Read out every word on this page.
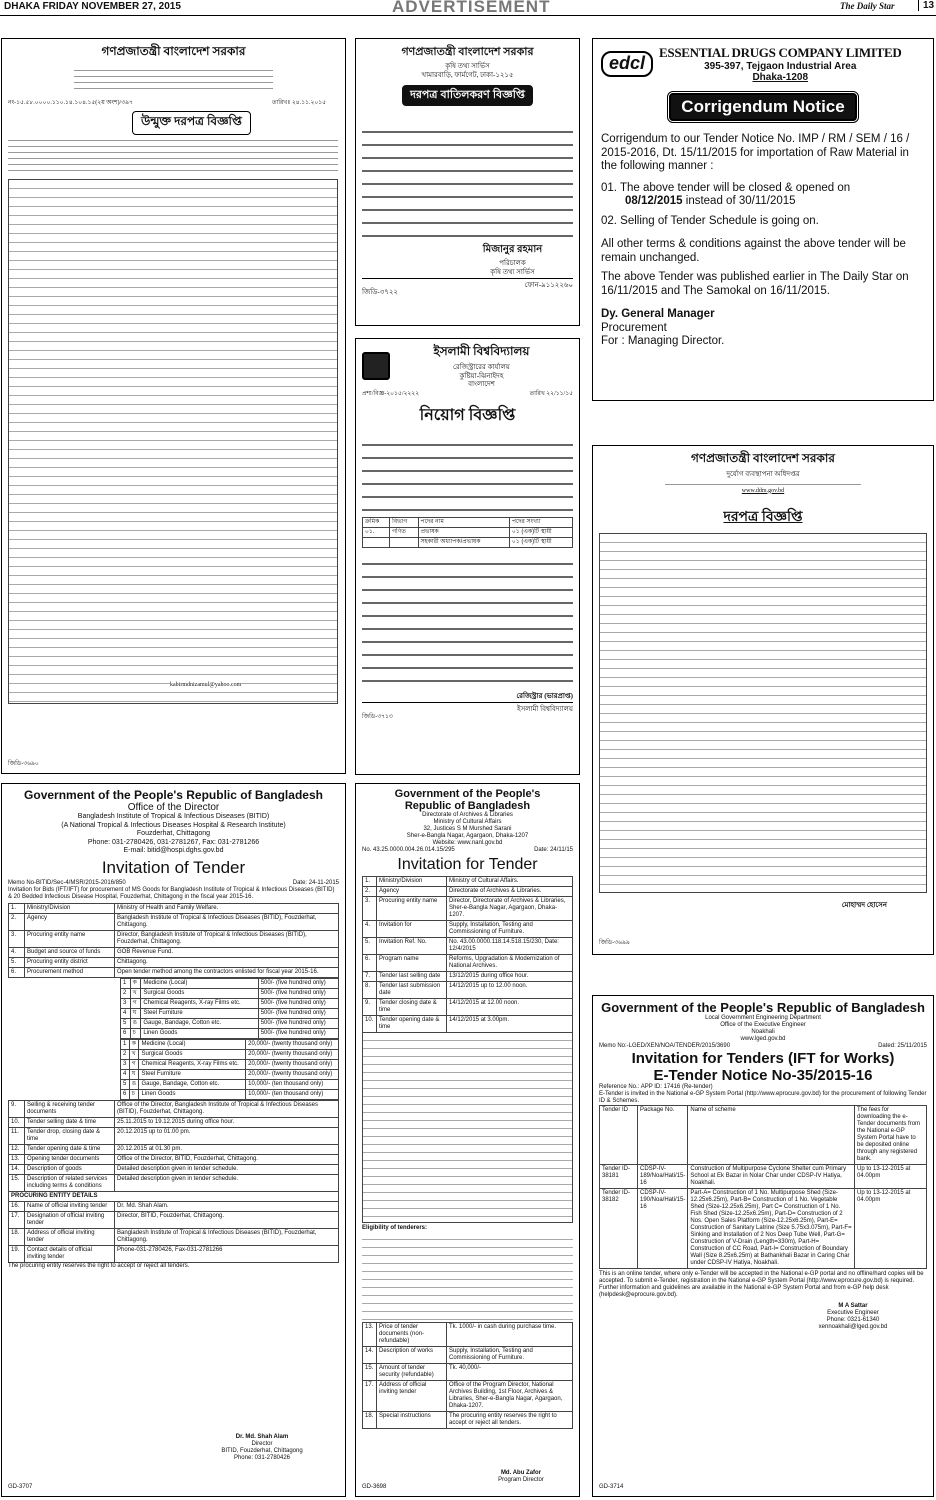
DHAKA FRIDAY NOVEMBER 27, 2015	ADVERTISEMENT	The Daily Star	13
গণপ্রজাতন্ত্রী বাংলাদেশ সরকার
নং-১৫.৫৮.০০০০.১১০.১৪.১০৪.১৫(২য় অংশ)/৩৯৭	তারিখঃ ২৪.১১.২০১৫
উন্মুক্ত দরপত্র বিজ্ঞপ্তি
kabirmdnizamul@yahoo.com
জিডি-৩৬৯০
গণপ্রজাতন্ত্রী বাংলাদেশ সরকার
কৃষি তথ্য সার্ভিস
খামারবাড়ি, ফার্মগেট, ঢাকা-১২১৫
দরপত্র বাতিলকরণ বিজ্ঞপ্তি
মিজানুর রহমান
পরিচালক
কৃষি তথ্য সার্ভিস
জিডি-৩৭২২
ফোন-৯১১২২৬০
edcl
ESSENTIAL DRUGS COMPANY LIMITED
395-397, Tejgaon Industrial Area
Dhaka-1208
Corrigendum Notice
Corrigendum to our Tender Notice No. IMP / RM / SEM / 16 / 2015-2016, Dt. 15/11/2015 for importation of Raw Material in the following manner :
01. The above tender will be closed & opened on
08/12/2015 instead of 30/11/2015
02. Selling of Tender Schedule is going on.
All other terms & conditions against the above tender will be remain unchanged.
The above Tender was published earlier in The Daily Star on 16/11/2015 and The Samokal on 16/11/2015.
Dy. General Manager
Procurement
For : Managing Director.
ইসলামী বিশ্ববিদ্যালয়
রেজিস্ট্রারের কার্যালয়
কুষ্টিয়া-ঝিনাইদহ
বাংলাদেশ
প্রশা/বিজ্ঞ-২০১৫/২২২২	তারিখ ২২/১১/১৫
নিয়োগ বিজ্ঞপ্তি
ক্রমিক	বিভাগ	পদের নাম	পদের সংখ্যা
০১.	গণিত	প্রভাষক	০১ (এক)টি স্থায়ী
		সহকারী অধ্যাপক/প্রভাষক	০১ (এক)টি স্থায়ী
রেজিস্ট্রার (ভারপ্রাপ্ত)
জিডি-৩৭১৩
ইসলামী বিশ্ববিদ্যালয়
গণপ্রজাতন্ত্রী বাংলাদেশ সরকার
দুর্যোগ ব্যবস্থাপনা অধিদপ্তর
www.ddm.gov.bd
দরপত্র বিজ্ঞপ্তি
মোহাম্মদ হোসেন
জিডি-৩৬৯৯
Government of the People's Republic of Bangladesh
Office of the Director
Bangladesh Institute of Tropical & Infectious Diseases (BITID)
(A National Tropical & Infectious Diseases Hospital & Research Institute)
Fouzderhat, Chittagong
Phone: 031-2780426, 031-2781267, Fax: 031-2781266
E-mail: bitid@hospi.dghs.gov.bd
Invitation of Tender
Memo No-BITID/Sec-4/MSR/2015-2016/850	Date: 24-11-2015
Invitation for Bids (IFT/IFT) for procurement of MS Goods for Bangladesh Institute of Tropical & Infectious Diseases (BITID) & 20 Bedded Infectious Disease Hospital, Fouzderhat, Chittagong in the fiscal year 2015-16.
1.	Ministry/Division	Ministry of Health and Family Welfare.
2.	Agency	Bangladesh Institute of Tropical & Infectious Diseases (BITID), Fouzderhat, Chittagong.
3.	Procuring entity name	Director, Bangladesh Institute of Tropical & Infectious Diseases (BITID), Fouzderhat, Chittagong.
4.	Budget and source of funds	GOB Revenue Fund.
5.	Procuring entity district	Chittagong.
6.	Procurement method	Open tender method among the contractors enlisted for fiscal year 2015-16.
1	ক	Medicine (Local)	500/- (five hundred only)
2	খ	Surgical Goods	500/- (five hundred only)
3	গ	Chemical Reagents, X-ray Films etc.	500/- (five hundred only)
4	ঘ	Steel Furniture	500/- (five hundred only)
5	ঙ	Gauge, Bandage, Cotton etc.	500/- (five hundred only)
6	চ	Linen Goods	500/- (five hundred only)
1	ক	Medicine (Local)	20,000/- (twenty thousand only)
2	খ	Surgical Goods	20,000/- (twenty thousand only)
3	গ	Chemical Reagents, X-ray Films etc.	20,000/- (twenty thousand only)
4	ঘ	Steel Furniture	20,000/- (twenty thousand only)
5	ঙ	Gauge, Bandage, Cotton etc.	10,000/- (ten thousand only)
6	চ	Linen Goods	10,000/- (ten thousand only)
9.	Selling & receiving tender documents	Office of the Director, Bangladesh Institute of Tropical & Infectious Diseases (BITID), Fouzderhat, Chittagong.
10.	Tender selling date & time	25.11.2015 to 19.12.2015 during office hour.
11.	Tender drop, closing date & time	20.12.2015 up to 01.00 pm.
12.	Tender opening date & time	20.12.2015 at 01.30 pm.
13.	Opening tender documents	Office of the Director, BITID, Fouzderhat, Chittagong.
14.	Description of goods	Detailed description given in tender schedule.
15.	Description of related services including terms & conditions	Detailed description given in tender schedule.
PROCURING ENTITY DETAILS		
16.	Name of official inviting tender	Dr. Md. Shah Alam.
17.	Designation of official inviting tender	Director, BITID, Fouzderhat, Chittagong.
18.	Address of official inviting tender	Bangladesh Institute of Tropical & Infectious Diseases (BITID), Fouzderhat, Chittagong.
19.	Contact details of official inviting tender	Phone-031-2780426, Fax-031-2781266
The procuring entity reserves the right to accept or reject all tenders.
Dr. Md. Shah Alam
Director
BITID, Fouzderhat, Chittagong
Phone: 031-2780426
GD-3707
Government of the People's Republic of Bangladesh
Directorate of Archives & Libraries
Ministry of Cultural Affairs
32, Justices S M Murshed Sarani
Sher-e-Bangla Nagar, Agargaon, Dhaka-1207
Website: www.nanl.gov.bd
No. 43.25.0000.004.26.014.15/295	Date: 24/11/15
Invitation for Tender
1.	Ministry/Division	Ministry of Cultural Affairs.
2.	Agency	Directorate of Archives & Libraries.
3.	Procuring entity name	Director, Directorate of Archives & Libraries, Sher-e-Bangla Nagar, Agargaon, Dhaka-1207.
4.	Invitation for	Supply, Installation, Testing and Commissioning of Furniture.
5.	Invitation Ref. No.	No. 43.00.0000.118.14.518.15/230, Date: 12/4/2015
6.	Program name	Reforms, Upgradation & Modernization of National Archives.
7.	Tender last selling date	13/12/2015 during office hour.
8.	Tender last submission date	14/12/2015 up to 12.00 noon.
9.	Tender closing date & time	14/12/2015 at 12.00 noon.
10.	Tender opening date & time	14/12/2015 at 3.00pm.
Eligibility of tenderers:
13.	Price of tender documents (non-refundable)	Tk. 1000/- in cash during purchase time.
14.	Description of works	Supply, Installation, Testing and Commissioning of Furniture.
15.	Amount of tender security (refundable)	Tk. 40,000/-
17.	Address of official inviting tender	Office of the Program Director, National Archives Building, 1st Floor, Archives & Libraries, Sher-e-Bangla Nagar, Agargaon, Dhaka-1207.
18.	Special instructions	The procuring entity reserves the right to accept or reject all tenders.
Md. Abu Zafor
Program Director
GD-3698
Government of the People's Republic of Bangladesh
Local Government Engineering Department
Office of the Executive Engineer
Noakhali
www.lged.gov.bd
Memo No:-LGED/XEN/NOA/TENDER/2015/3690	Dated: 25/11/2015
Invitation for Tenders (IFT for Works)
E-Tender Notice No-35/2015-16
Reference No.: APP ID: 17416 (Re-tender)
E-Tender is invited in the National e-GP System Portal (http://www.eprocure.gov.bd) for the procurement of following Tender ID & Schemes.
Tender ID	Package No.	Name of scheme	The fees for downloading the e-Tender documents from the National e-GP System Portal have to be deposited online through any registered bank.
Tender ID-38181	CDSP-IV-189/Noa/Hati/15-16	Construction of Multipurpose Cyclone Shelter cum Primary School at Ek Bazar in Nolar Char under CDSP-IV Hatiya, Noakhali.	Up to 13-12-2015 at 04.00pm
Tender ID-38182	CDSP-IV-190/Noa/Hati/15-16	Part-A= Construction of 1 No. Multipurpose Shed (Size-12.25x6.25m), Part-B= Construction of 1 No. Vegetable Shed (Size-12.25x6.25m), Part C= Construction of 1 No. Fish Shed (Size-12.25x6.25m), Part-D= Construction of 2 Nos. Open Sales Platform (Size-12.25x6.25m), Part-E= Construction of Sanitary Latrine (Size 5.75x3.075m), Part-F= Sinking and Installation of 2 Nos Deep Tube Well, Part-G= Construction of V-Drain (Length=330m), Part-H= Construction of CC Road, Part-I= Construction of Boundary Wall (Size 8.25x6.25m) at Bathankhali Bazar in Caring Char under CDSP-IV Hatiya, Noakhali.	Up to 13-12-2015 at 04.00pm
This is an online tender, where only e-Tender will be accepted in the National e-GP portal and no offline/hard copies will be accepted. To submit e-Tender, registration in the National e-GP System Portal (http://www.eprocure.gov.bd) is required.
Further information and guidelines are available in the National e-GP System Portal and from e-GP help desk (helpdesk@eprocure.gov.bd).
M A Sattar
Executive Engineer
Phone: 0321-61340
xennoakhali@lged.gov.bd
GD-3714
